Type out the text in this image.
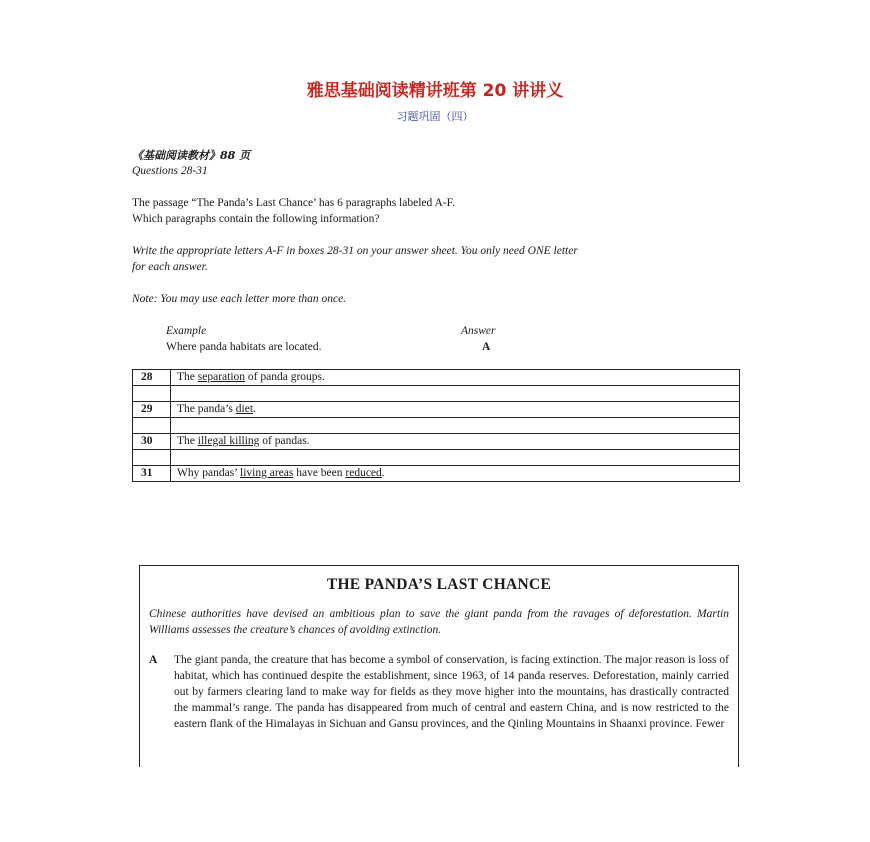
雅思基础阅读精讲班第 20 讲讲义
习题巩固（四）
《基础阅读教材》88 页
Questions 28-31
The passage “The Panda’s Last Chance’ has 6 paragraphs labeled A-F.
Which paragraphs contain the following information?
Write the appropriate letters A-F in boxes 28-31 on your answer sheet. You only need ONE letter
for each answer.
Note: You may use each letter more than once.
Example	Answer
Where panda habitats are located.	A
28	The separation of panda groups.

29	The panda’s diet.

30	The illegal killing of pandas.

31	Why pandas’ living areas have been reduced.
THE PANDA’S LAST CHANCE
Chinese authorities have devised an ambitious plan to save the giant panda from the ravages of deforestation. Martin Williams assesses the creature’s chances of avoiding extinction.
A The giant panda, the creature that has become a symbol of conservation, is facing extinction. The major reason is loss of habitat, which has continued despite the establishment, since 1963, of 14 panda reserves. Deforestation, mainly carried out by farmers clearing land to make way for fields as they move higher into the mountains, has drastically contracted the mammal’s range. The panda has disappeared from much of central and eastern China, and is now restricted to the eastern flank of the Himalayas in Sichuan and Gansu provinces, and the Qinling Mountains in Shaanxi province. Fewer
